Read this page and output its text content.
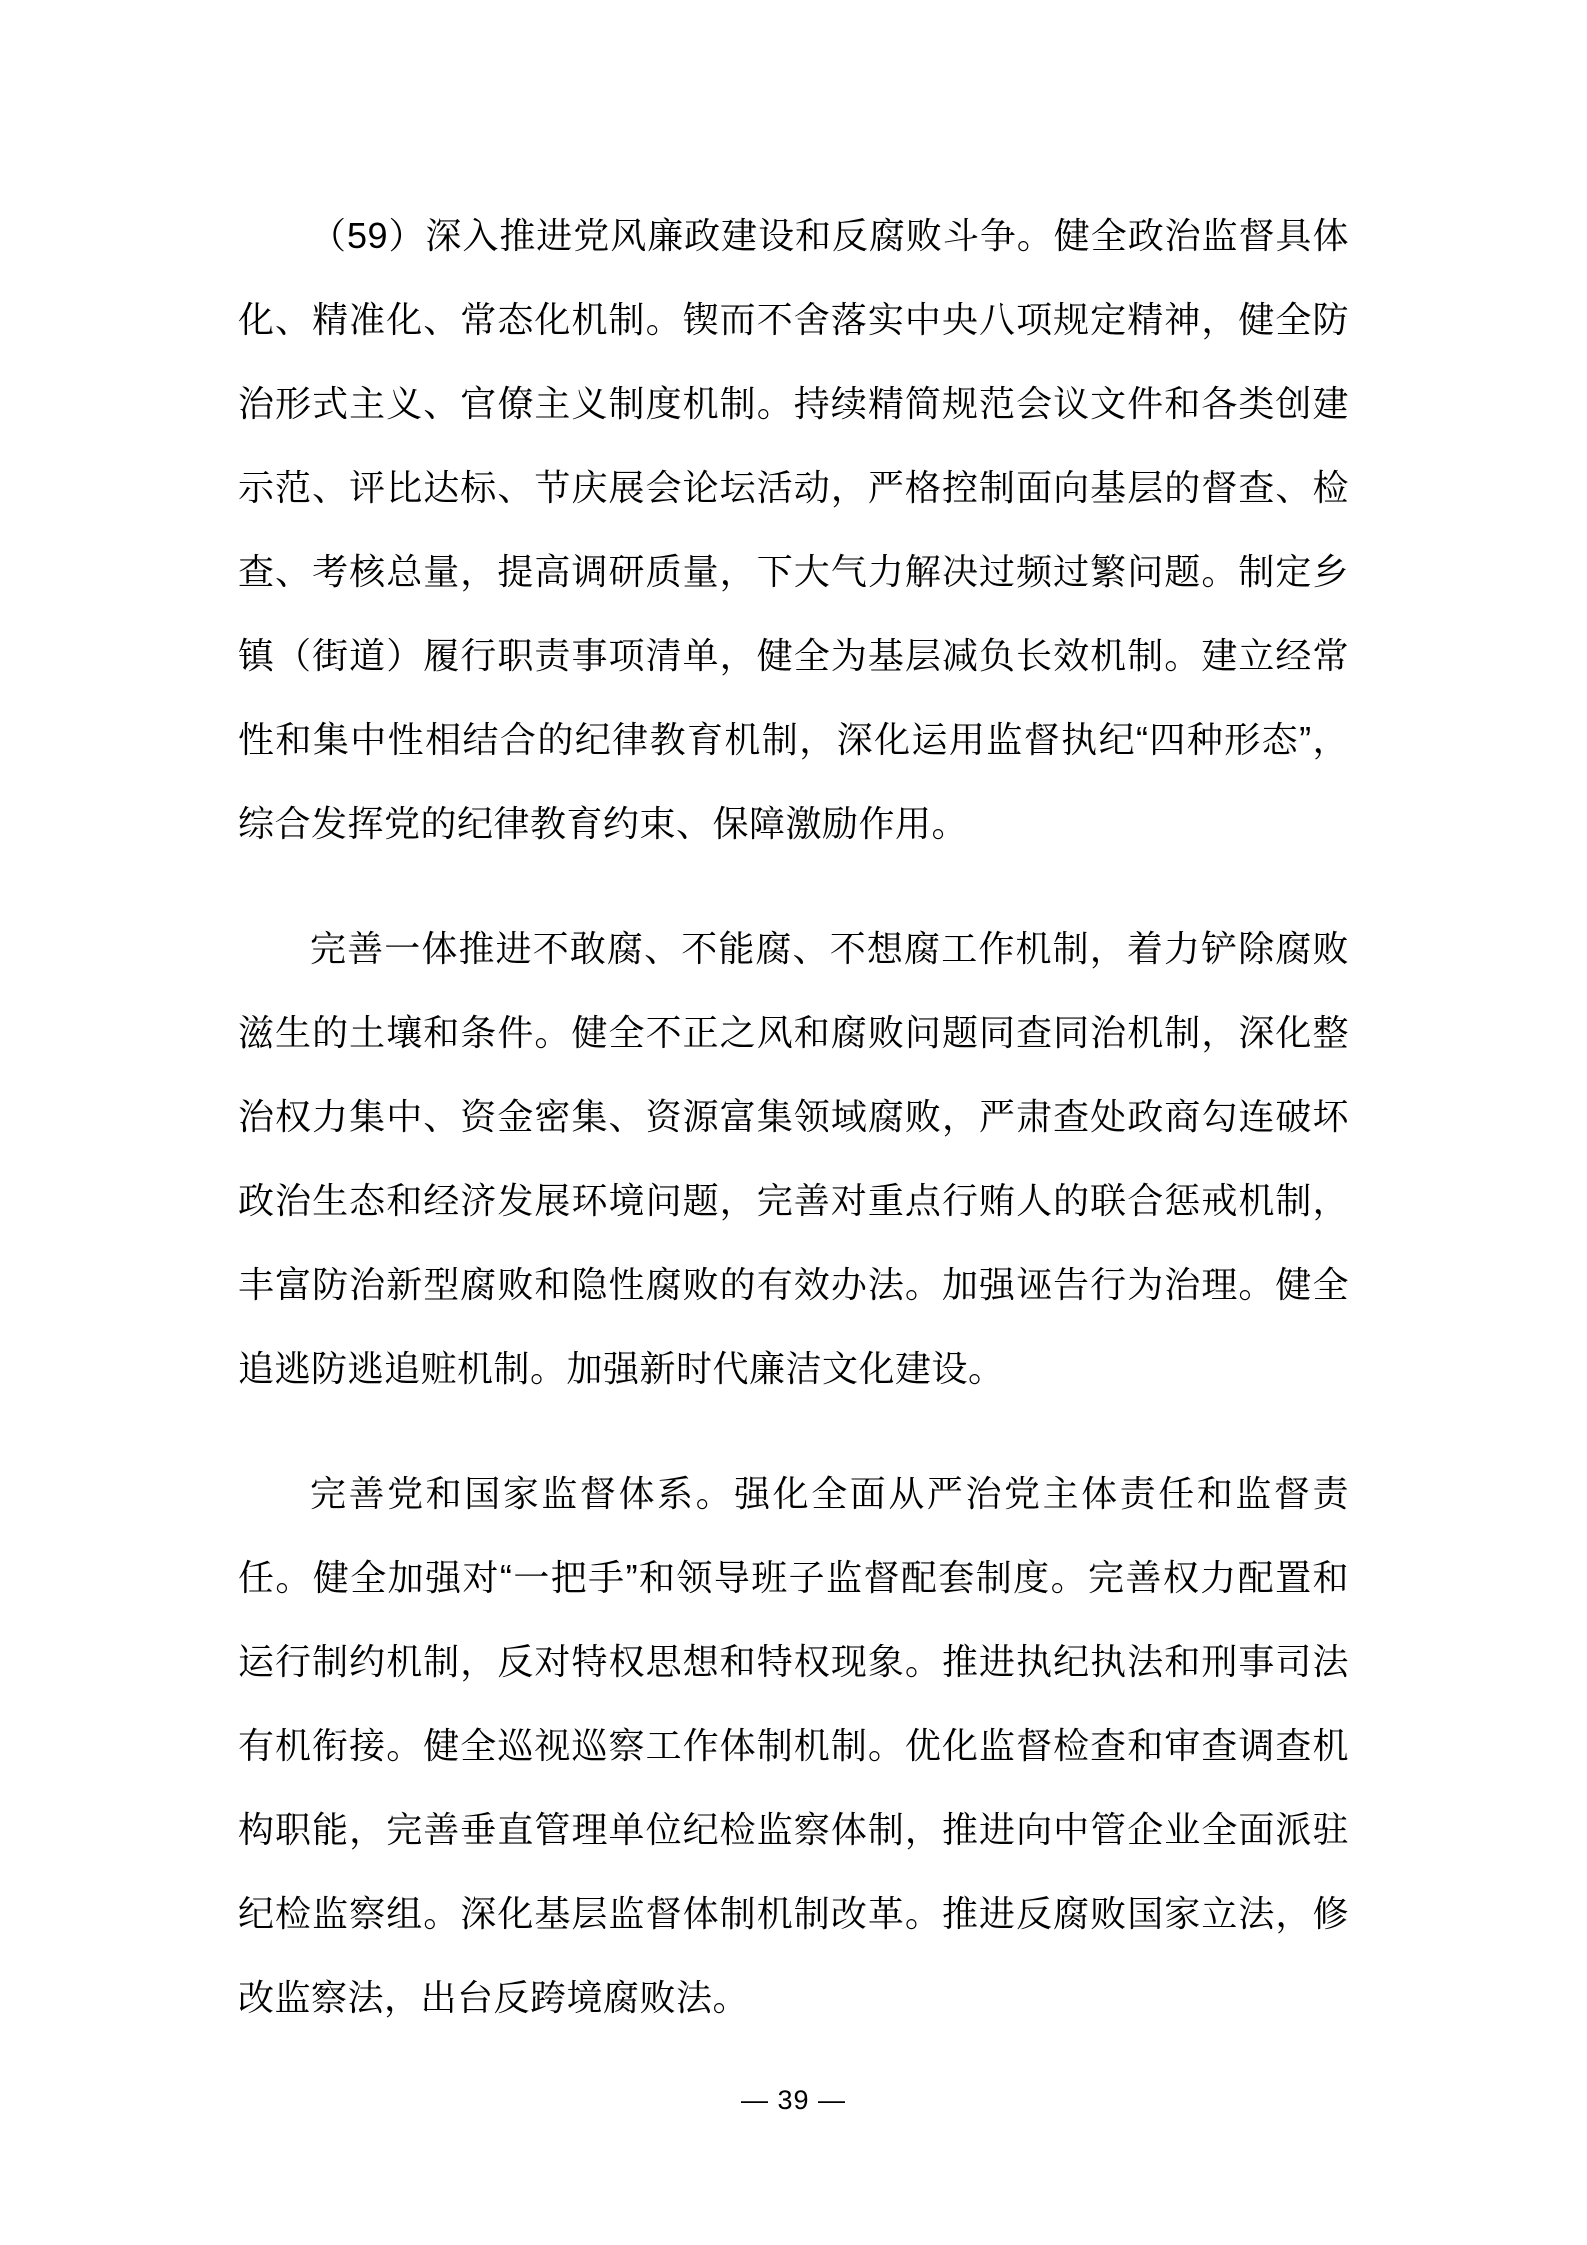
（59）深入推进党风廉政建设和反腐败斗争。健全政治监督具体化、精准化、常态化机制。锲而不舍落实中央八项规定精神，健全防治形式主义、官僚主义制度机制。持续精简规范会议文件和各类创建示范、评比达标、节庆展会论坛活动，严格控制面向基层的督查、检查、考核总量，提高调研质量，下大气力解决过频过繁问题。制定乡镇（街道）履行职责事项清单，健全为基层减负长效机制。建立经常性和集中性相结合的纪律教育机制，深化运用监督执纪“四种形态”，综合发挥党的纪律教育约束、保障激励作用。

完善一体推进不敢腐、不能腐、不想腐工作机制，着力铲除腐败滋生的土壤和条件。健全不正之风和腐败问题同查同治机制，深化整治权力集中、资金密集、资源富集领域腐败，严肃查处政商勾连破坏政治生态和经济发展环境问题，完善对重点行贿人的联合惩戒机制，丰富防治新型腐败和隐性腐败的有效办法。加强诬告行为治理。健全追逃防逃追赃机制。加强新时代廉洁文化建设。

完善党和国家监督体系。强化全面从严治党主体责任和监督责任。健全加强对“一把手”和领导班子监督配套制度。完善权力配置和运行制约机制，反对特权思想和特权现象。推进执纪执法和刑事司法有机衔接。健全巡视巡察工作体制机制。优化监督检查和审查调查机构职能，完善垂直管理单位纪检监察体制，推进向中管企业全面派驻纪检监察组。深化基层监督体制机制改革。推进反腐败国家立法，修改监察法，出台反跨境腐败法。

— 39 —
